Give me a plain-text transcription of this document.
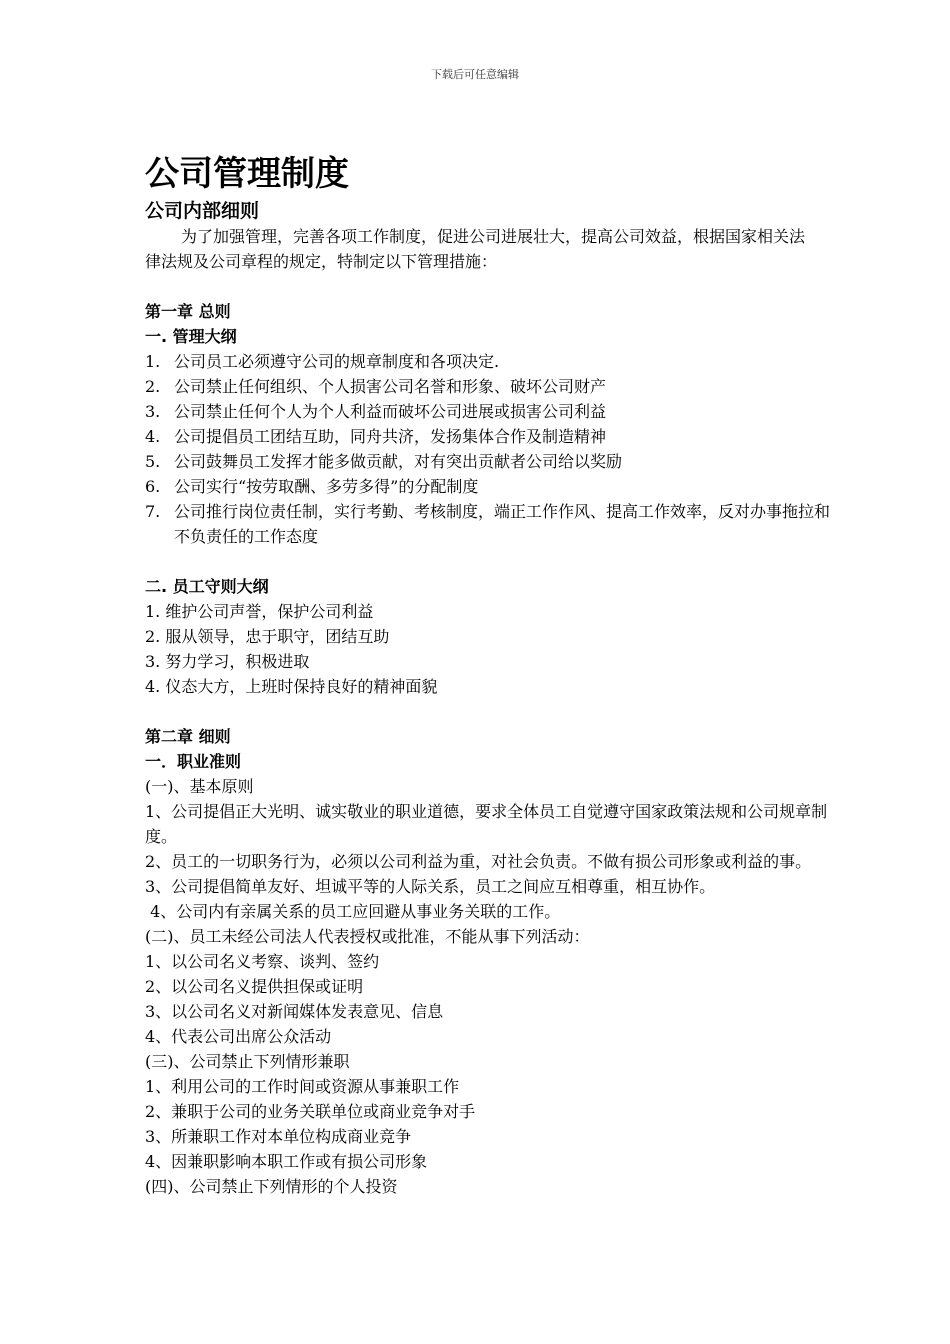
下载后可任意编辑
公司管理制度
公司内部细则

为了加强管理，完善各项工作制度，促进公司进展壮大，提高公司效益，根据国家相关法律法规及公司章程的规定，特制定以下管理措施：

第一章 总则
一. 管理大纲
1. 公司员工必须遵守公司的规章制度和各项决定.
2. 公司禁止任何组织、个人损害公司名誉和形象、破坏公司财产
3. 公司禁止任何个人为个人利益而破坏公司进展或损害公司利益
4. 公司提倡员工团结互助，同舟共济，发扬集体合作及制造精神
5. 公司鼓舞员工发挥才能多做贡献，对有突出贡献者公司给以奖励
6. 公司实行“按劳取酬、多劳多得”的分配制度
7. 公司推行岗位责任制，实行考勤、考核制度，端正工作作风、提高工作效率，反对办事拖拉和不负责任的工作态度
二. 员工守则大纲
1. 维护公司声誉，保护公司利益
2. 服从领导，忠于职守，团结互助
3. 努力学习，积极进取
4. 仪态大方，上班时保持良好的精神面貌
第二章 细则
一．职业准则
(一)、基本原则
1、公司提倡正大光明、诚实敬业的职业道德，要求全体员工自觉遵守国家政策法规和公司规章制度。
2、员工的一切职务行为，必须以公司利益为重，对社会负责。不做有损公司形象或利益的事。
3、公司提倡简单友好、坦诚平等的人际关系，员工之间应互相尊重，相互协作。
4、公司内有亲属关系的员工应回避从事业务关联的工作。
(二)、员工未经公司法人代表授权或批准，不能从事下列活动：
1、以公司名义考察、谈判、签约
2、以公司名义提供担保或证明
3、以公司名义对新闻媒体发表意见、信息
4、代表公司出席公众活动
(三)、公司禁止下列情形兼职
1、利用公司的工作时间或资源从事兼职工作
2、兼职于公司的业务关联单位或商业竞争对手
3、所兼职工作对本单位构成商业竞争
4、因兼职影响本职工作或有损公司形象
(四)、公司禁止下列情形的个人投资
